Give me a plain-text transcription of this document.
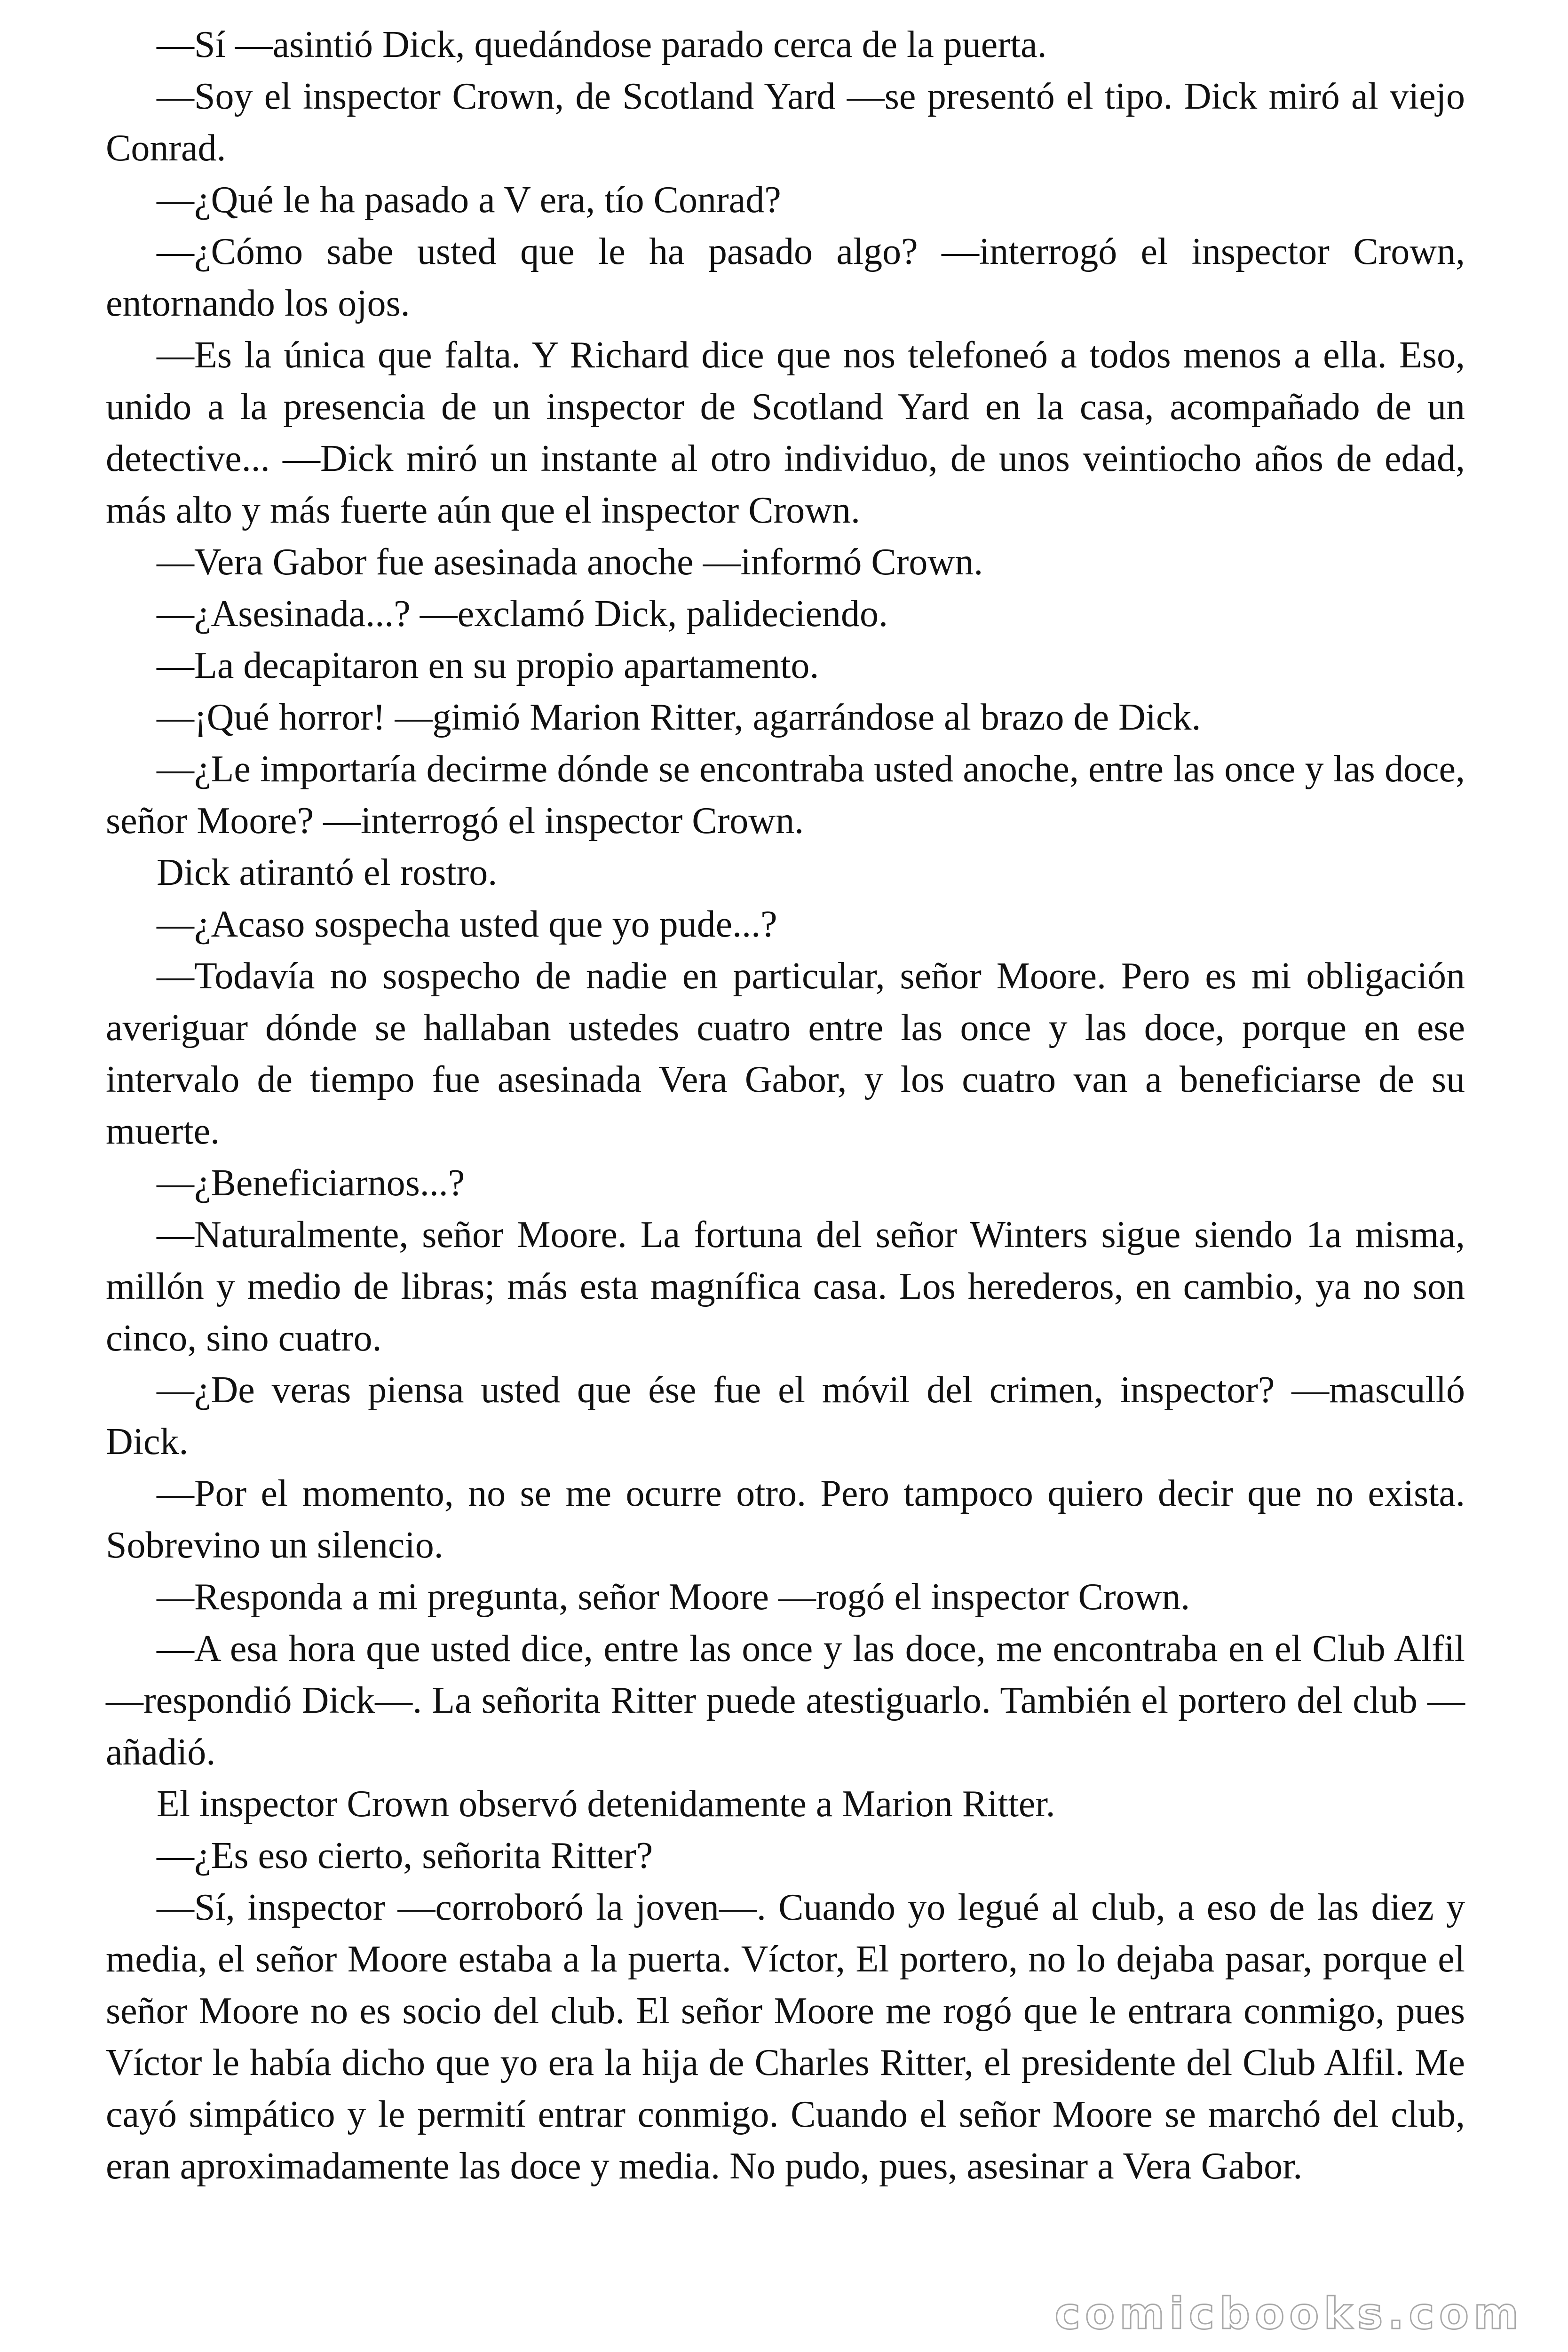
—Sí —asintió Dick, quedándose parado cerca de la puerta.

—Soy el inspector Crown, de Scotland Yard —se presentó el tipo. Dick miró al viejo Conrad.

—¿Qué le ha pasado a V era, tío Conrad?

—¿Cómo sabe usted que le ha pasado algo? —interrogó el inspector Crown, entornando los ojos.

—Es la única que falta. Y Richard dice que nos telefoneó a todos menos a ella. Eso, unido a la presencia de un inspector de Scotland Yard en la casa, acompañado de un detective... —Dick miró un instante al otro individuo, de unos veintiocho años de edad, más alto y más fuerte aún que el inspector Crown.

—Vera Gabor fue asesinada anoche —informó Crown.

—¿Asesinada...? —exclamó Dick, palideciendo.

—La decapitaron en su propio apartamento.

—¡Qué horror! —gimió Marion Ritter, agarrándose al brazo de Dick.

—¿Le importaría decirme dónde se encontraba usted anoche, entre las once y las doce, señor Moore? —interrogó el inspector Crown.

Dick atirantó el rostro.

—¿Acaso sospecha usted que yo pude...?

—Todavía no sospecho de nadie en particular, señor Moore. Pero es mi obligación averiguar dónde se hallaban ustedes cuatro entre las once y las doce, porque en ese intervalo de tiempo fue asesinada Vera Gabor, y los cuatro van a beneficiarse de su muerte.

—¿Beneficiarnos...?

—Naturalmente, señor Moore. La fortuna del señor Winters sigue siendo 1a misma, millón y medio de libras; más esta magnífica casa. Los herederos, en cambio, ya no son cinco, sino cuatro.

—¿De veras piensa usted que ése fue el móvil del crimen, inspector? —masculló Dick.

—Por el momento, no se me ocurre otro. Pero tampoco quiero decir que no exista. Sobrevino un silencio.

—Responda a mi pregunta, señor Moore —rogó el inspector Crown.

—A esa hora que usted dice, entre las once y las doce, me encontraba en el Club Alfil —respondió Dick—. La señorita Ritter puede atestiguarlo. También el portero del club — añadió.

El inspector Crown observó detenidamente a Marion Ritter.

—¿Es eso cierto, señorita Ritter?

—Sí, inspector —corroboró la joven—. Cuando yo legué al club, a eso de las diez y media, el señor Moore estaba a la puerta. Víctor, El portero, no lo dejaba pasar, porque el señor Moore no es socio del club. El señor Moore me rogó que le entrara conmigo, pues Víctor le había dicho que yo era la hija de Charles Ritter, el presidente del Club Alfil. Me cayó simpático y le permití entrar conmigo. Cuando el señor Moore se marchó del club, eran aproximadamente las doce y media. No pudo, pues, asesinar a Vera Gabor.

comicbooks.com
